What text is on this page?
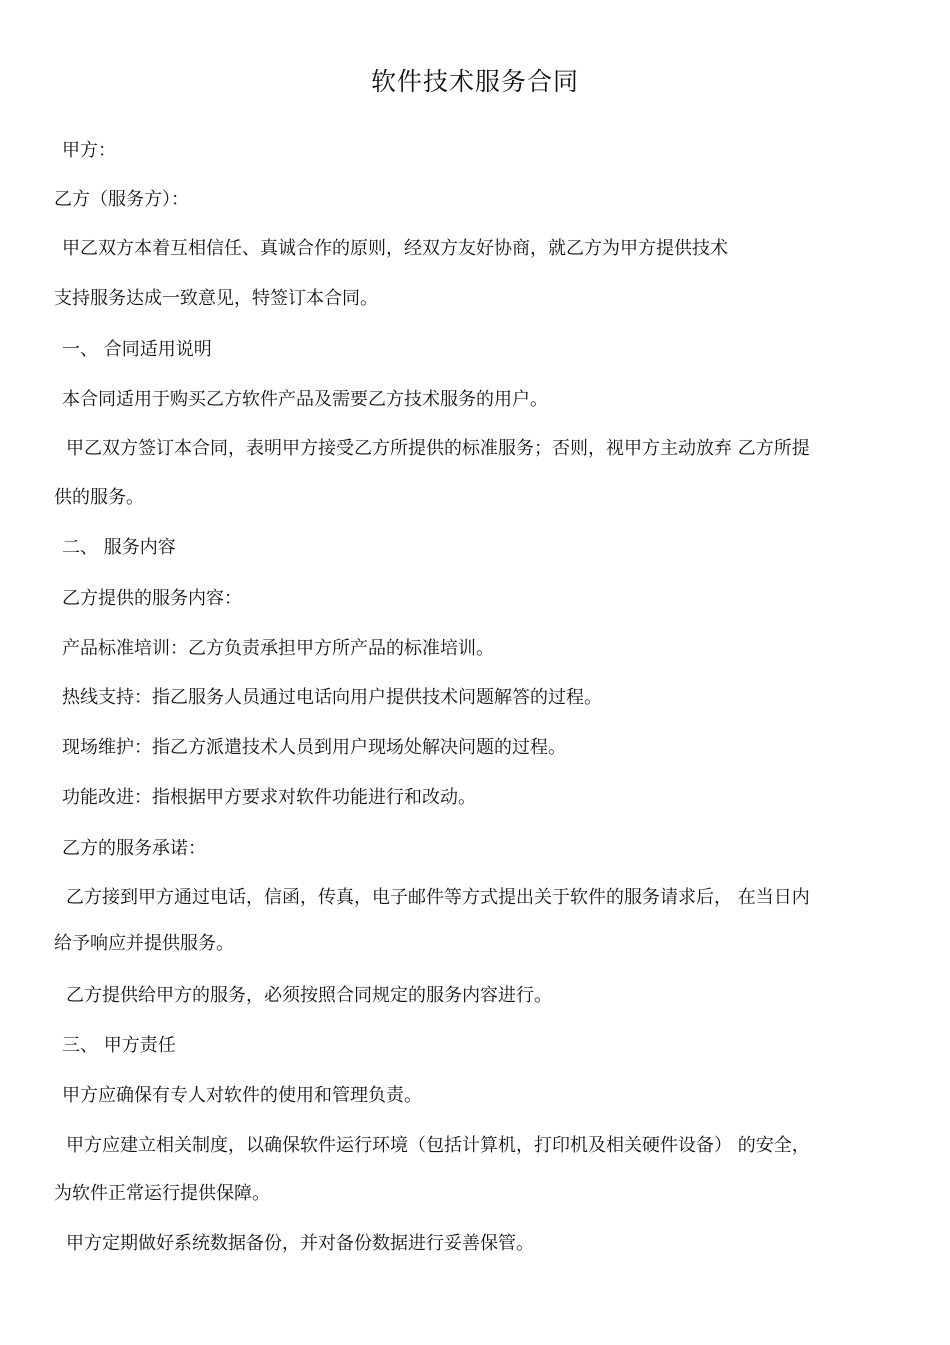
软件技术服务合同
甲方：
乙方（服务方）：
甲乙双方本着互相信任、真诚合作的原则，经双方友好协商，就乙方为甲方提供技术
支持服务达成一致意见，特签订本合同。
一、 合同适用说明
本合同适用于购买乙方软件产品及需要乙方技术服务的用户。
甲乙双方签订本合同，表明甲方接受乙方所提供的标准服务；否则，视甲方主动放弃 乙方所提
供的服务。
二、 服务内容
乙方提供的服务内容：
产品标准培训：乙方负责承担甲方所产品的标准培训。
热线支持：指乙服务人员通过电话向用户提供技术问题解答的过程。
现场维护：指乙方派遣技术人员到用户现场处解决问题的过程。
功能改进：指根据甲方要求对软件功能进行和改动。
乙方的服务承诺：
乙方接到甲方通过电话，信函，传真，电子邮件等方式提出关于软件的服务请求后， 在当日内
给予响应并提供服务。
乙方提供给甲方的服务，必须按照合同规定的服务内容进行。
三、 甲方责任
甲方应确保有专人对软件的使用和管理负责。
甲方应建立相关制度，以确保软件运行环境（包括计算机，打印机及相关硬件设备） 的安全，
为软件正常运行提供保障。
甲方定期做好系统数据备份，并对备份数据进行妥善保管。
